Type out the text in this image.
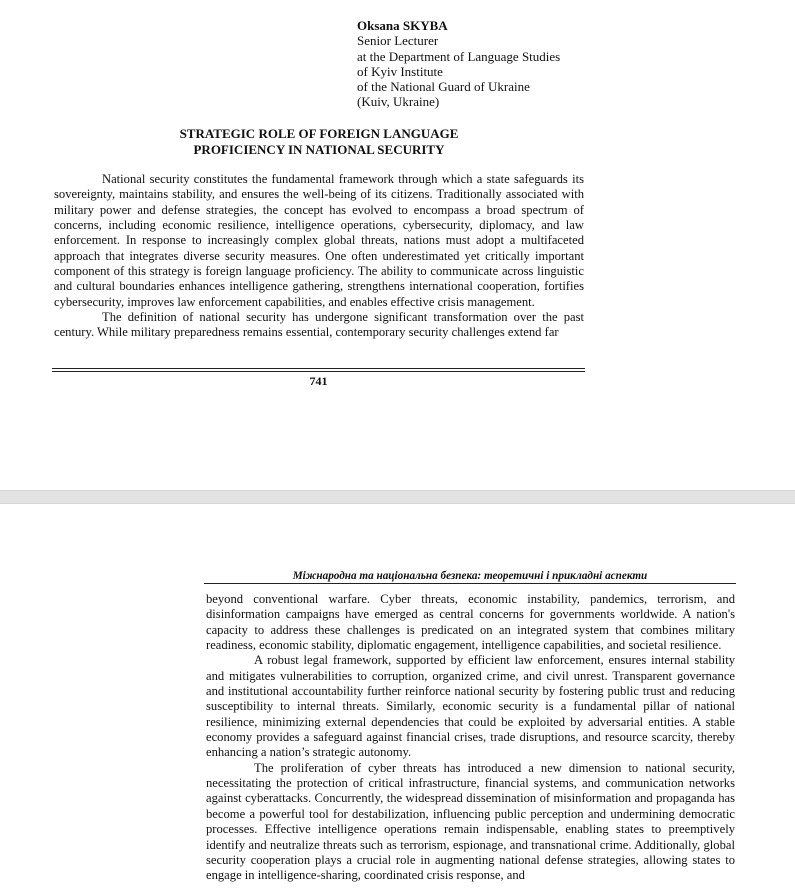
Oksana SKYBA
Senior Lecturer
at the Department of Language Studies
of Kyiv Institute
of the National Guard of Ukraine
(Kuiv, Ukraine)
STRATEGIC ROLE OF FOREIGN LANGUAGE
PROFICIENCY IN NATIONAL SECURITY

National security constitutes the fundamental framework through which a state safeguards its sovereignty, maintains stability, and ensures the well-being of its citizens. Traditionally associated with military power and defense strategies, the concept has evolved to encompass a broad spectrum of concerns, including economic resilience, intelligence operations, cybersecurity, diplomacy, and law enforcement. In response to increasingly complex global threats, nations must adopt a multifaceted approach that integrates diverse security measures. One often underestimated yet critically important component of this strategy is foreign language proficiency. The ability to communicate across linguistic and cultural boundaries enhances intelligence gathering, strengthens international cooperation, fortifies cybersecurity, improves law enforcement capabilities, and enables effective crisis management.

The definition of national security has undergone significant transformation over the past century. While military preparedness remains essential, contemporary security challenges extend far

741
Міжнародна та національна безпека: теоретичні і прикладні аспекти

beyond conventional warfare. Cyber threats, economic instability, pandemics, terrorism, and disinformation campaigns have emerged as central concerns for governments worldwide. A nation's capacity to address these challenges is predicated on an integrated system that combines military readiness, economic stability, diplomatic engagement, intelligence capabilities, and societal resilience.

A robust legal framework, supported by efficient law enforcement, ensures internal stability and mitigates vulnerabilities to corruption, organized crime, and civil unrest. Transparent governance and institutional accountability further reinforce national security by fostering public trust and reducing susceptibility to internal threats. Similarly, economic security is a fundamental pillar of national resilience, minimizing external dependencies that could be exploited by adversarial entities. A stable economy provides a safeguard against financial crises, trade disruptions, and resource scarcity, thereby enhancing a nation’s strategic autonomy.

The proliferation of cyber threats has introduced a new dimension to national security, necessitating the protection of critical infrastructure, financial systems, and communication networks against cyberattacks. Concurrently, the widespread dissemination of misinformation and propaganda has become a powerful tool for destabilization, influencing public perception and undermining democratic processes. Effective intelligence operations remain indispensable, enabling states to preemptively identify and neutralize threats such as terrorism, espionage, and transnational crime. Additionally, global security cooperation plays a crucial role in augmenting national defense strategies, allowing states to engage in intelligence-sharing, coordinated crisis response, and
